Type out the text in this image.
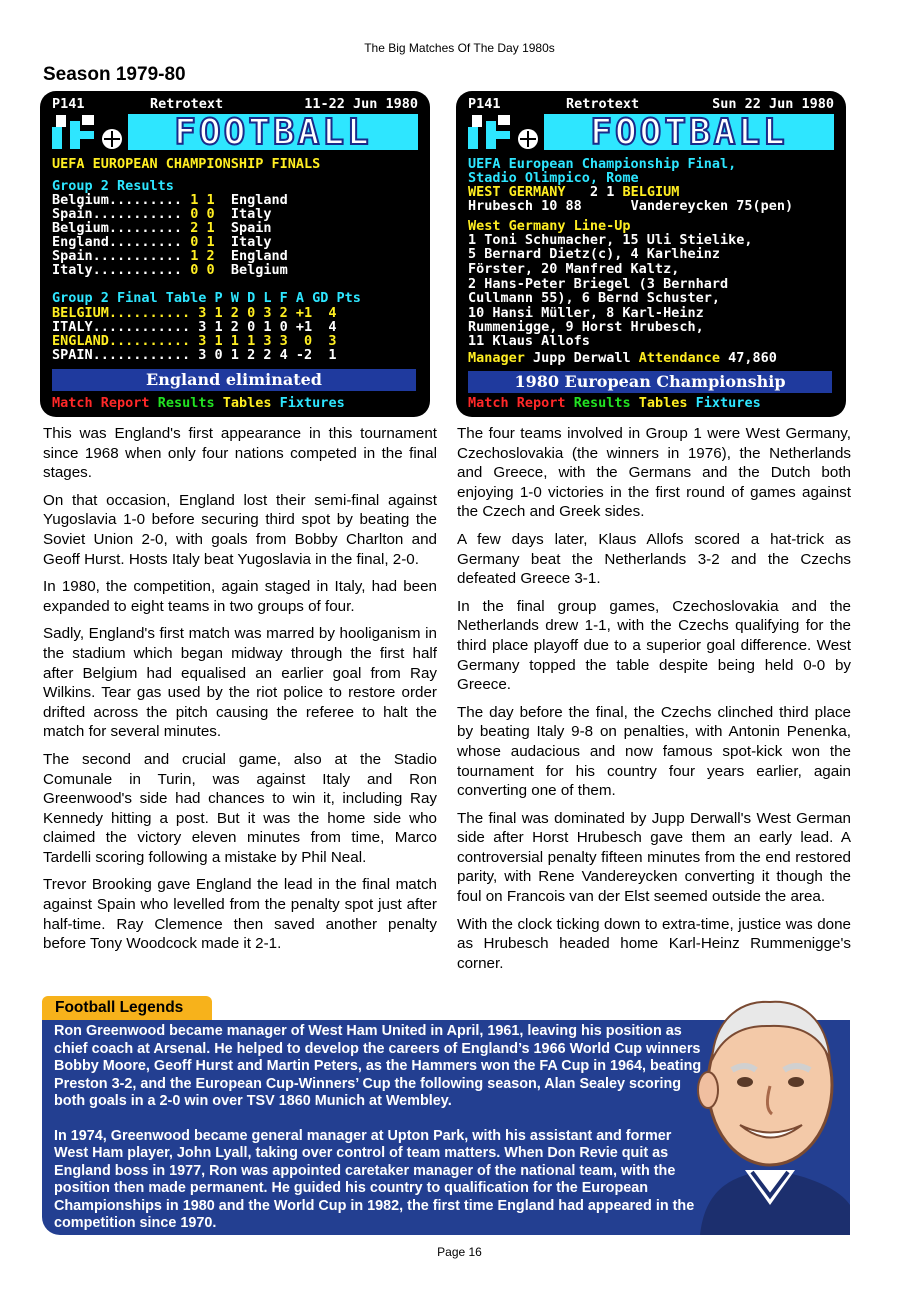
The Big Matches Of The Day 1980s
Season 1979-80
P141	Retrotext	11-22 Jun 1980
FOOTBALL
UEFA EUROPEAN CHAMPIONSHIP FINALS
Group 2 Results
Belgium......... 1 1 England
Spain........... 0 0 Italy
Belgium......... 2 1 Spain
England......... 0 1 Italy
Spain........... 1 2 England
Italy........... 0 0 Belgium
Group 2 Final Table P W D L F A GD Pts
BELGIUM.......... 3 1 2 0 3 2 +1  4
ITALY............ 3 1 2 0 1 0 +1  4
ENGLAND.......... 3 1 1 1 3 3  0  3
SPAIN............ 3 0 1 2 2 4 -2  1
England eliminated
Match Report Results Tables Fixtures
P141	Retrotext	Sun 22 Jun 1980
FOOTBALL
UEFA European Championship Final,
Stadio Olimpico, Rome
WEST GERMANY 2 1 BELGIUM
Hrubesch 10 88	Vandereycken 75(pen)
West Germany Line-Up
1 Toni Schumacher, 15 Uli Stielike,
5 Bernard Dietz(c), 4 Karlheinz
Förster, 20 Manfred Kaltz,
2 Hans-Peter Briegel (3 Bernhard
Cullmann 55), 6 Bernd Schuster,
10 Hansi Müller, 8 Karl-Heinz
Rummenigge, 9 Horst Hrubesch,
11 Klaus Allofs
Manager Jupp Derwall Attendance 47,860
1980 European Championship
Match Report Results Tables Fixtures

This was England's first appearance in this tournament since 1968 when only four nations competed in the final stages.

On that occasion, England lost their semi-final against Yugoslavia 1-0 before securing third spot by beating the Soviet Union 2-0, with goals from Bobby Charlton and Geoff Hurst. Hosts Italy beat Yugoslavia in the final, 2-0.

In 1980, the competition, again staged in Italy, had been expanded to eight teams in two groups of four.

Sadly, England's first match was marred by hooliganism in the stadium which began midway through the first half after Belgium had equalised an earlier goal from Ray Wilkins. Tear gas used by the riot police to restore order drifted across the pitch causing the referee to halt the match for several minutes.

The second and crucial game, also at the Stadio Comunale in Turin, was against Italy and Ron Greenwood's side had chances to win it, including Ray Kennedy hitting a post. But it was the home side who claimed the victory eleven minutes from time, Marco Tardelli scoring following a mistake by Phil Neal.

Trevor Brooking gave England the lead in the final match against Spain who levelled from the penalty spot just after half-time. Ray Clemence then saved another penalty before Tony Woodcock made it 2-1.

The four teams involved in Group 1 were West Germany, Czechoslovakia (the winners in 1976), the Netherlands and Greece, with the Germans and the Dutch both enjoying 1-0 victories in the first round of games against the Czech and Greek sides.

A few days later, Klaus Allofs scored a hat-trick as Germany beat the Netherlands 3-2 and the Czechs defeated Greece 3-1.

In the final group games, Czechoslovakia and the Netherlands drew 1-1, with the Czechs qualifying for the third place playoff due to a superior goal difference. West Germany topped the table despite being held 0-0 by Greece.

The day before the final, the Czechs clinched third place by beating Italy 9-8 on penalties, with Antonin Penenka, whose audacious and now famous spot-kick won the tournament for his country four years earlier, again converting one of them.

The final was dominated by Jupp Derwall's West German side after Horst Hrubesch gave them an early lead. A controversial penalty fifteen minutes from the end restored parity, with Rene Vandereycken converting it though the foul on Francois van der Elst seemed outside the area.

With the clock ticking down to extra-time, justice was done as Hrubesch headed home Karl-Heinz Rummenigge's corner.

Football Legends

Ron Greenwood became manager of West Ham United in April, 1961, leaving his position as chief coach at Arsenal. He helped to develop the careers of England’s 1966 World Cup winners Bobby Moore, Geoff Hurst and Martin Peters, as the Hammers won the FA Cup in 1964, beating Preston 3-2, and the European Cup-Winners’ Cup the following season, Alan Sealey scoring both goals in a 2-0 win over TSV 1860 Munich at Wembley.

In 1974, Greenwood became general manager at Upton Park, with his assistant and former West Ham player, John Lyall, taking over control of team matters. When Don Revie quit as England boss in 1977, Ron was appointed caretaker manager of the national team, with the position then made permanent. He guided his country to qualification for the European Championships in 1980 and the World Cup in 1982, the first time England had appeared in the competition since 1970.

Page 16
